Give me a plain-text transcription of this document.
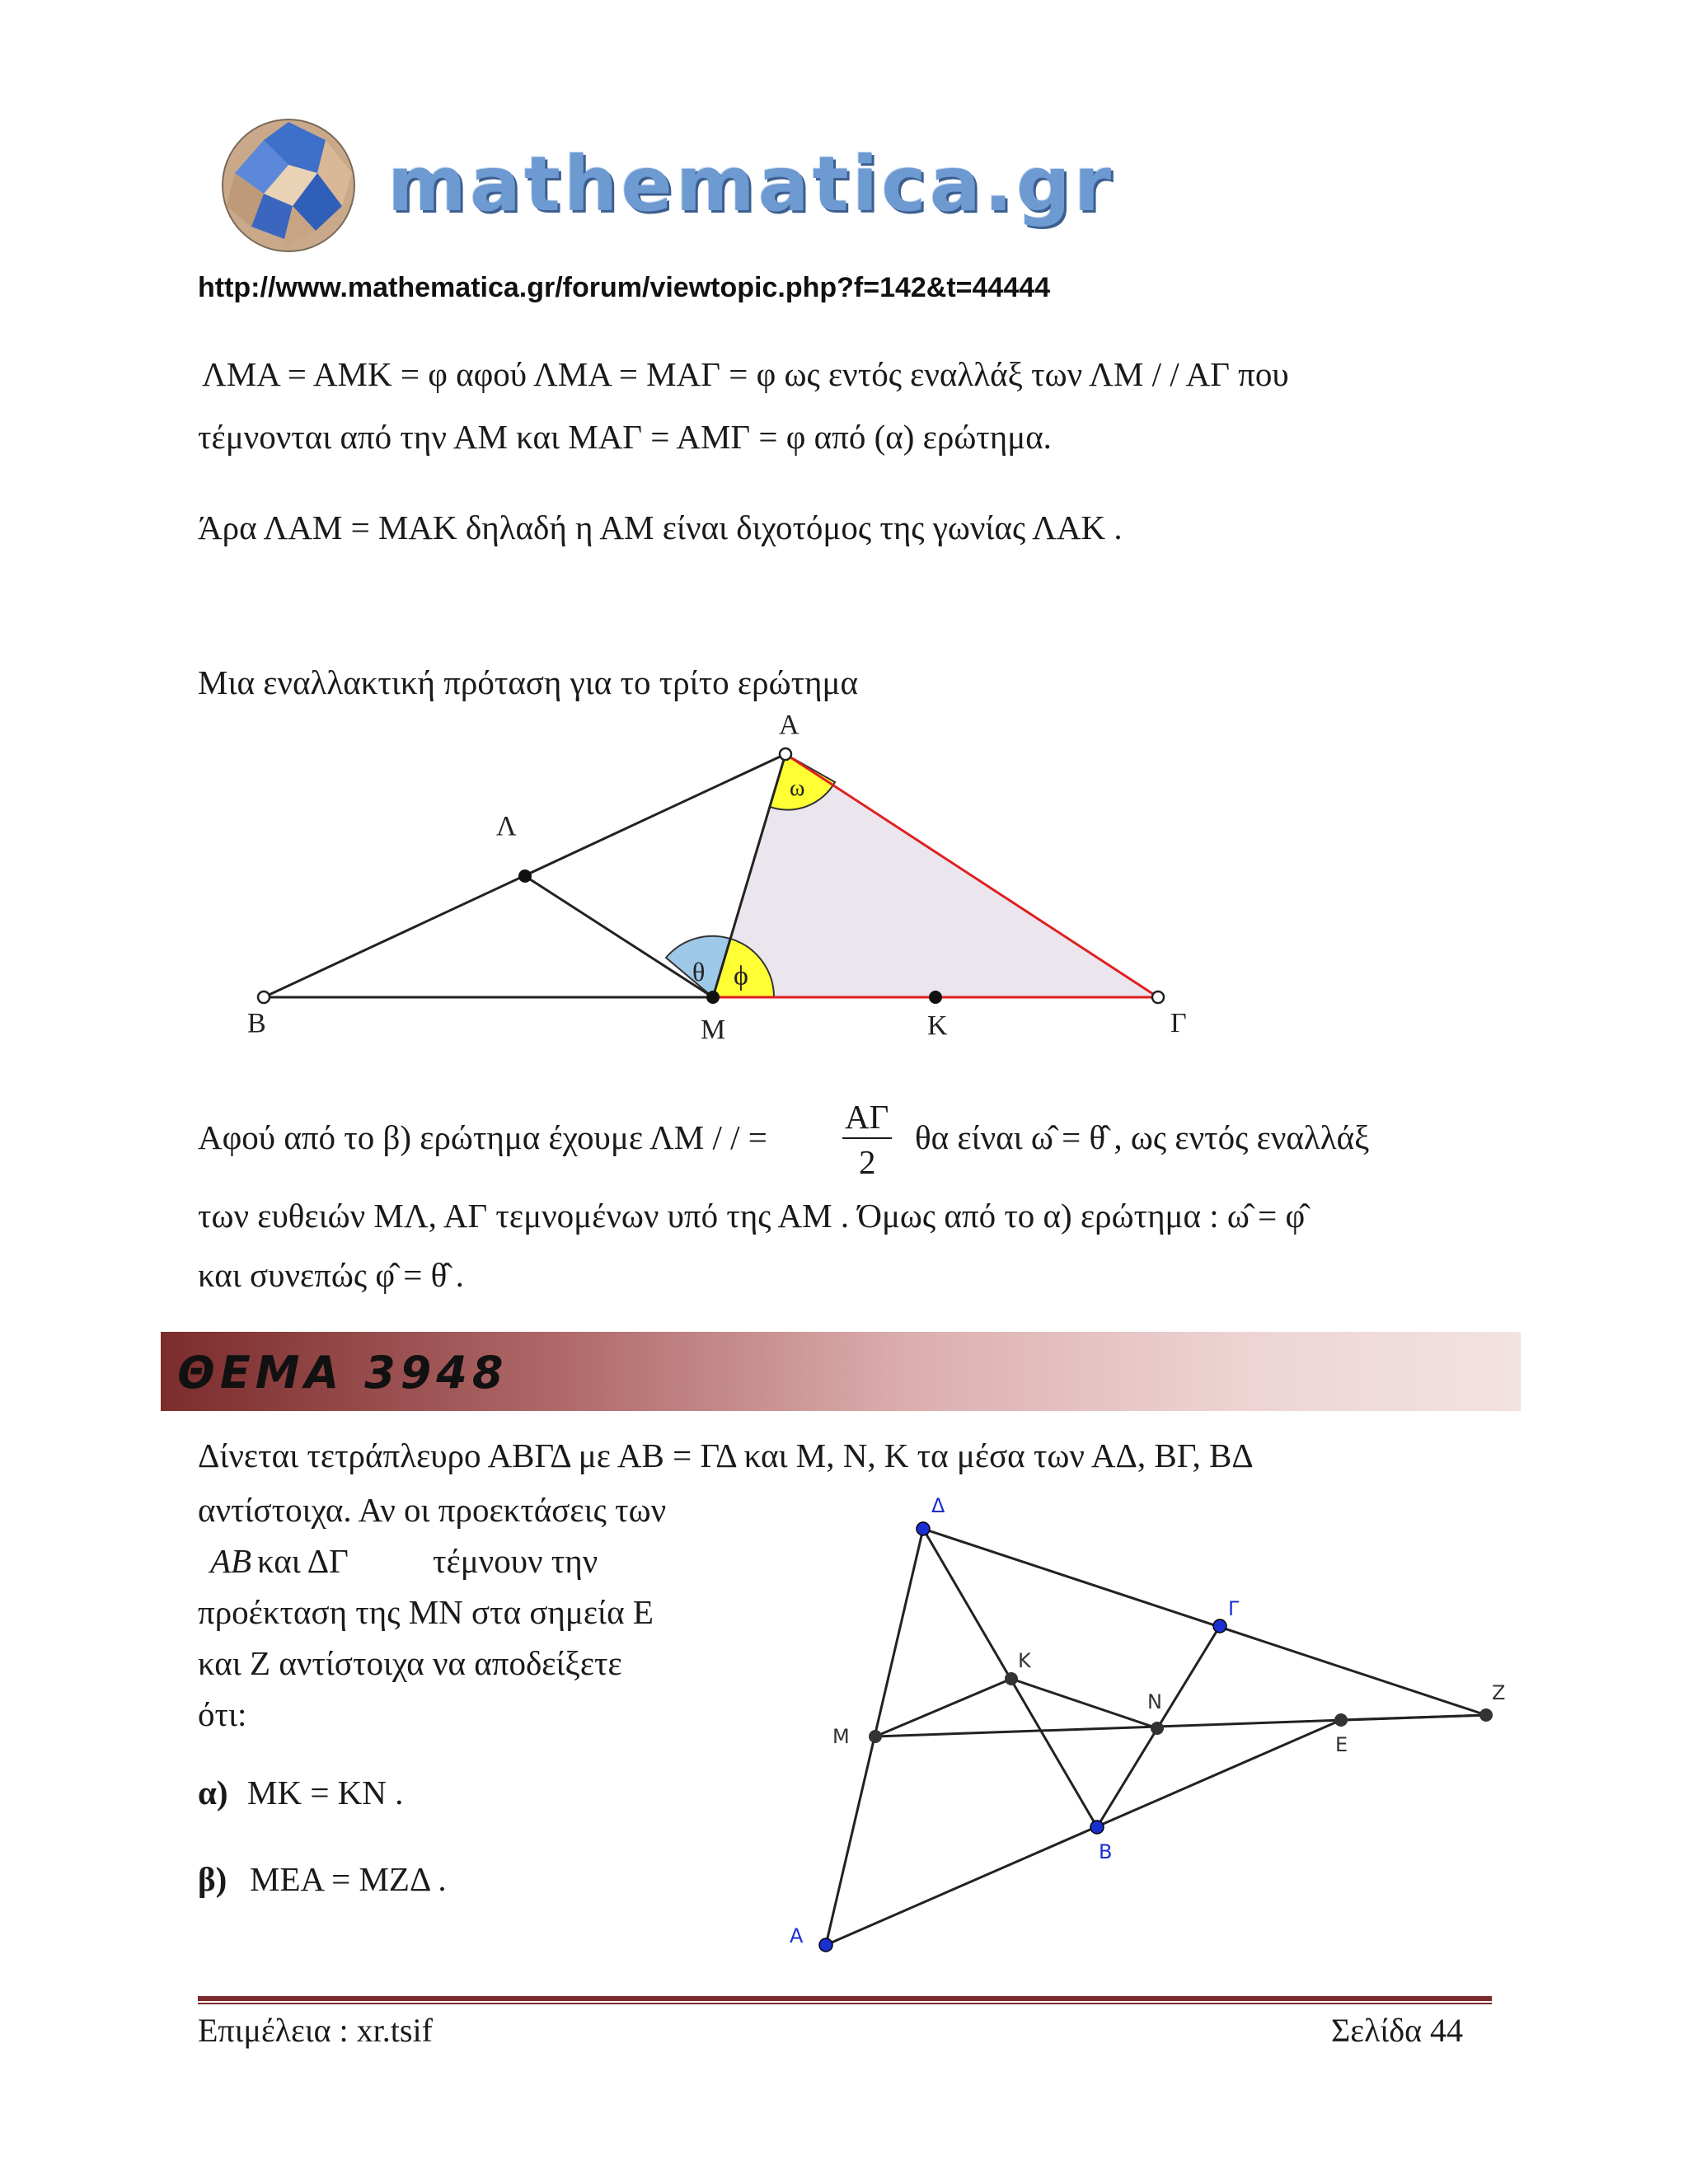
mathematica.gr
http://www.mathematica.gr/forum/viewtopic.php?f=142&t=44444
ΛΜΑ = ΑΜΚ = φ αφού ΛΜΑ = ΜΑΓ = φ ως εντός εναλλάξ των ΛΜ / / ΑΓ που
τέμνονται από την ΑΜ και ΜΑΓ = ΑΜΓ = φ από (α) ερώτημα.
Άρα ΛΑΜ = ΜΑΚ δηλαδή η ΑΜ είναι διχοτόμος της γωνίας ΛΑΚ .
Μια εναλλακτική πρόταση για το τρίτο ερώτημα
Α
Λ
Β	Μ	Κ	Γ
ω
θ ϕ
Αφού από το β) ερώτημα έχουμε ΛΜ / / =
ΑΓ
2
θα είναι ω̂ = θ̂ , ως εντός εναλλάξ
των ευθειών ΜΛ, ΑΓ τεμνομένων υπό της ΑΜ . Όμως από το α) ερώτημα : ω̂ = φ̂
και συνεπώς φ̂ = θ̂ .
ΘΕΜΑ 3948
Δίνεται τετράπλευρο ΑΒΓΔ με ΑΒ = ΓΔ και Μ, Ν, Κ τα μέσα των ΑΔ, ΒΓ, ΒΔ
αντίστοιχα. Αν οι προεκτάσεις των
ΑΒ και ΔΓ τέμνουν την
προέκταση της ΜΝ στα σημεία Ε
και Ζ αντίστοιχα να αποδείξετε
ότι:
α) ΜΚ = ΚΝ .
β) ΜΕΑ = ΜΖΔ .
Δ
Γ
Κ
Ν	Ζ
Μ	Ε
Β
Α
Επιμέλεια : xr.tsif	Σελίδα 44
